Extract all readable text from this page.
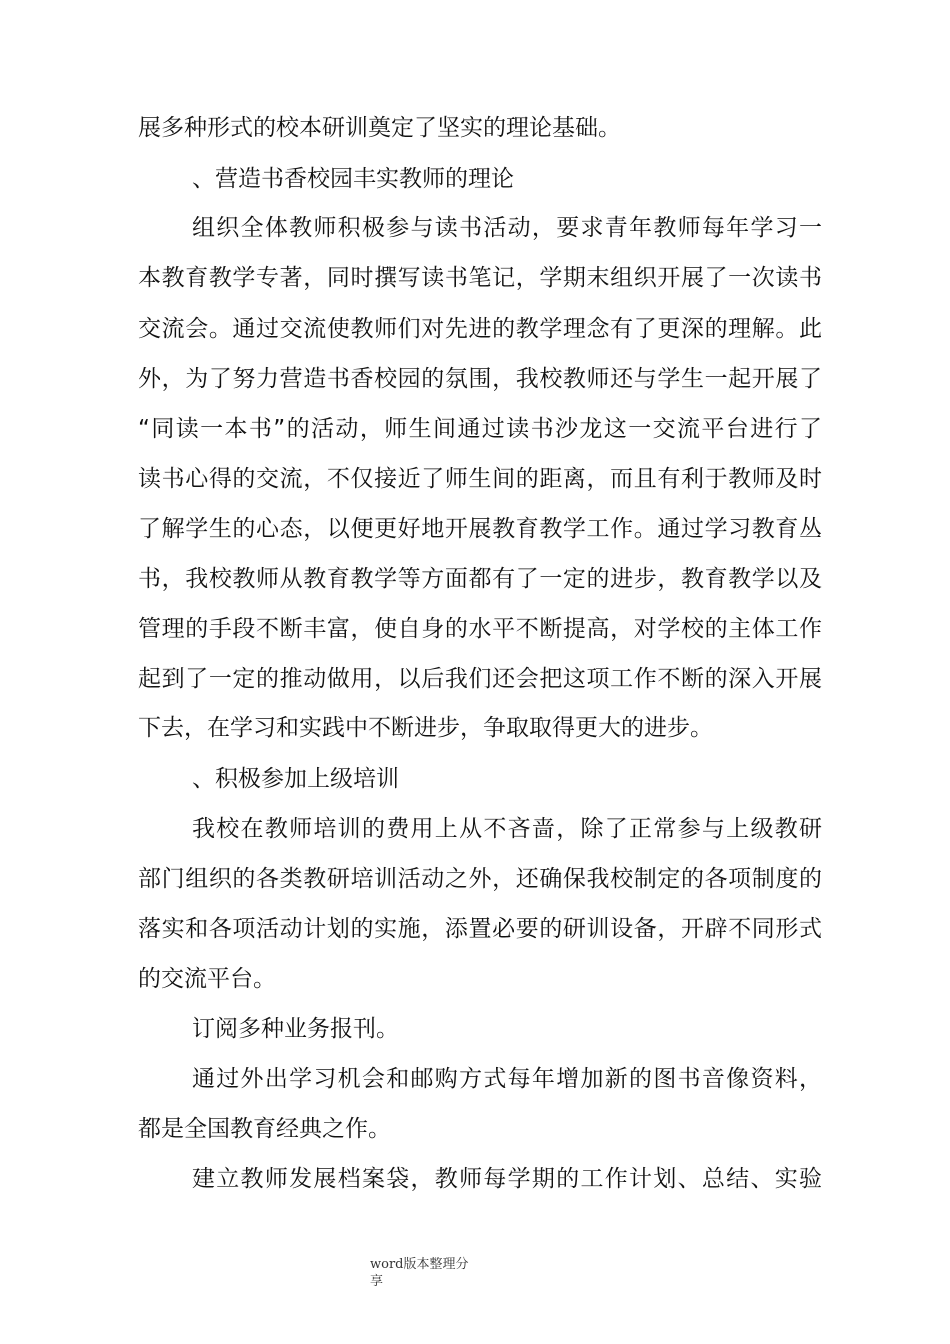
展多种形式的校本研训奠定了坚实的理论基础。
、营造书香校园丰实教师的理论
组织全体教师积极参与读书活动，要求青年教师每年学习一
本教育教学专著，同时撰写读书笔记，学期末组织开展了一次读书
交流会。通过交流使教师们对先进的教学理念有了更深的理解。此
外，为了努力营造书香校园的氛围，我校教师还与学生一起开展了
“同读一本书”的活动，师生间通过读书沙龙这一交流平台进行了
读书心得的交流，不仅接近了师生间的距离，而且有利于教师及时
了解学生的心态，以便更好地开展教育教学工作。通过学习教育丛
书，我校教师从教育教学等方面都有了一定的进步，教育教学以及
管理的手段不断丰富，使自身的水平不断提高，对学校的主体工作
起到了一定的推动做用，以后我们还会把这项工作不断的深入开展
下去，在学习和实践中不断进步，争取取得更大的进步。
、积极参加上级培训
我校在教师培训的费用上从不吝啬，除了正常参与上级教研
部门组织的各类教研培训活动之外，还确保我校制定的各项制度的
落实和各项活动计划的实施，添置必要的研训设备，开辟不同形式
的交流平台。
订阅多种业务报刊。
通过外出学习机会和邮购方式每年增加新的图书音像资料，
都是全国教育经典之作。
建立教师发展档案袋，教师每学期的工作计划、总结、实验
word版本整理分
享
